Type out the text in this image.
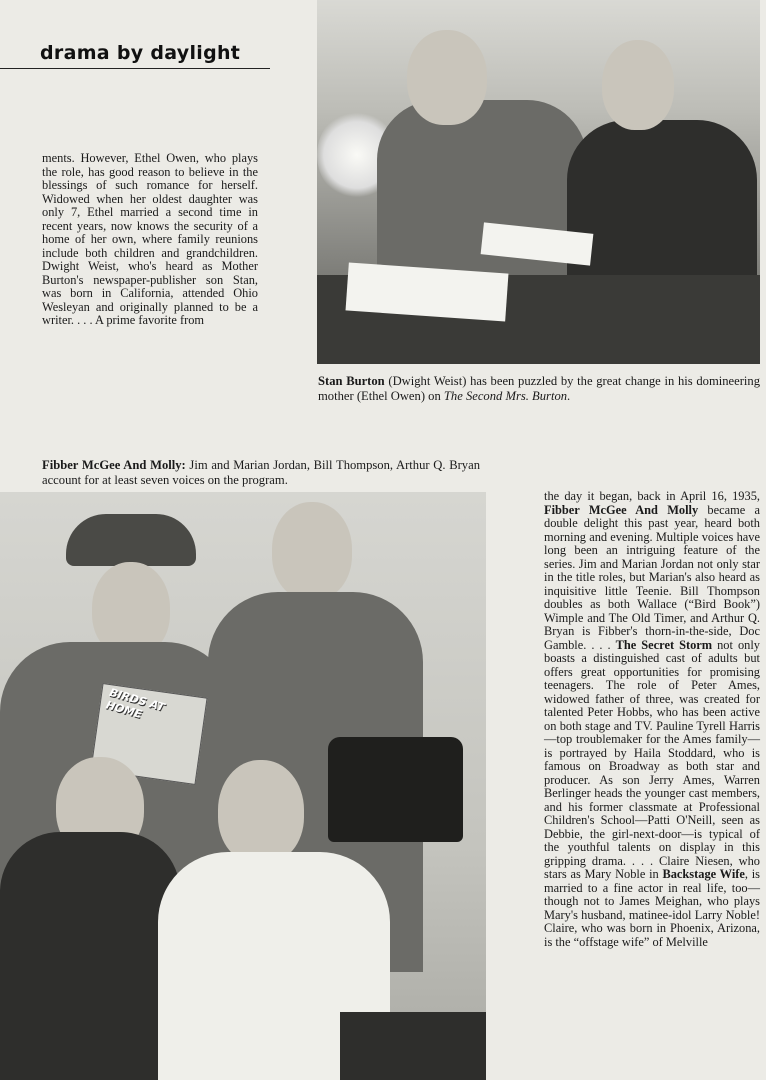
drama by daylight
ments. However, Ethel Owen, who plays the role, has good reason to believe in the blessings of such romance for herself. Widowed when her oldest daughter was only 7, Ethel married a second time in recent years, now knows the security of a home of her own, where family reunions include both children and grandchildren. Dwight Weist, who's heard as Mother Burton's newspaper-publisher son Stan, was born in California, attended Ohio Wesleyan and originally planned to be a writer. . . . A prime favorite from
Stan Burton (Dwight Weist) has been puzzled by the great change in his domineering mother (Ethel Owen) on The Second Mrs. Burton.
Fibber McGee And Molly: Jim and Marian Jordan, Bill Thompson, Arthur Q. Bryan account for at least seven voices on the program.
BIRDS AT HOME
the day it began, back in April 16, 1935, Fibber McGee And Molly became a double delight this past year, heard both morning and evening. Multiple voices have long been an intriguing feature of the series. Jim and Marian Jordan not only star in the title roles, but Marian's also heard as inquisitive little Teenie. Bill Thompson doubles as both Wallace (“Bird Book”) Wimple and The Old Timer, and Arthur Q. Bryan is Fibber's thorn-in-the-side, Doc Gamble. . . . The Secret Storm not only boasts a distinguished cast of adults but offers great opportunities for promising teenagers. The role of Peter Ames, widowed father of three, was created for talented Peter Hobbs, who has been active on both stage and TV. Pauline Tyrell Harris—top troublemaker for the Ames family—is portrayed by Haila Stoddard, who is famous on Broadway as both star and producer. As son Jerry Ames, Warren Berlinger heads the younger cast members, and his former classmate at Professional Children's School—Patti O'Neill, seen as Debbie, the girl-next-door—is typical of the youthful talents on display in this gripping drama. . . . Claire Niesen, who stars as Mary Noble in Backstage Wife, is married to a fine actor in real life, too—though not to James Meighan, who plays Mary's husband, matinee-idol Larry Noble! Claire, who was born in Phoenix, Arizona, is the “offstage wife” of Melville
